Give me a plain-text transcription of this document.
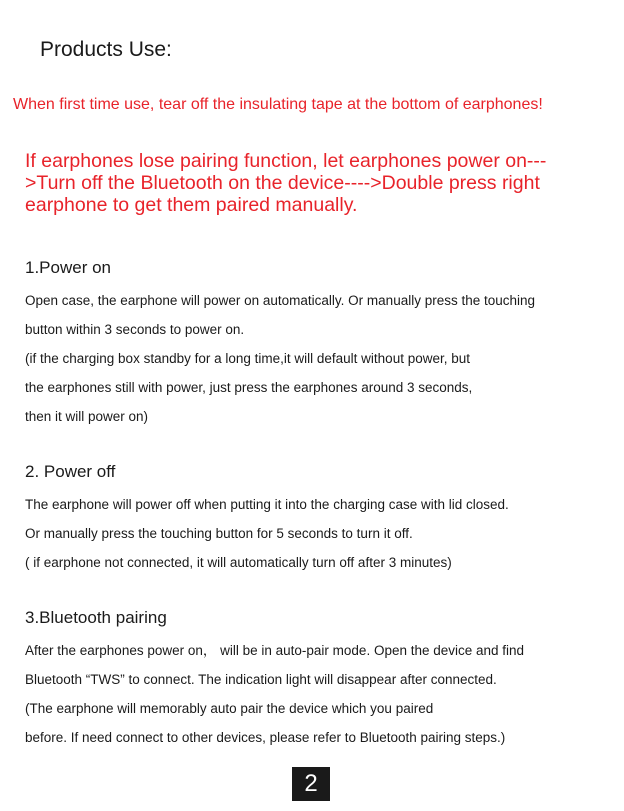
Products Use:
When first time use, tear off the insulating tape at the bottom of earphones!
If earphones lose pairing function, let earphones power on--->Turn off the Bluetooth on the device---->Double press right earphone to get them paired manually.
1.Power on
Open case, the earphone will power on automatically. Or manually press the touching
button within 3 seconds to power on.
(if the charging box standby for a long time,it will default without power, but
the earphones still with power, just press the earphones around 3 seconds,
then it will power on)
2. Power off
The earphone will power off when putting it into the charging case with lid closed.
Or manually press the touching button for 5 seconds to turn it off.
( if earphone not connected, it will automatically turn off after 3 minutes)
3.Bluetooth pairing
After the earphones power on， will be in auto-pair mode. Open the device and find
Bluetooth “TWS” to connect. The indication light will disappear after connected.
(The earphone will memorably auto pair the device which you paired
before. If need connect to other devices, please refer to Bluetooth pairing steps.)
2
